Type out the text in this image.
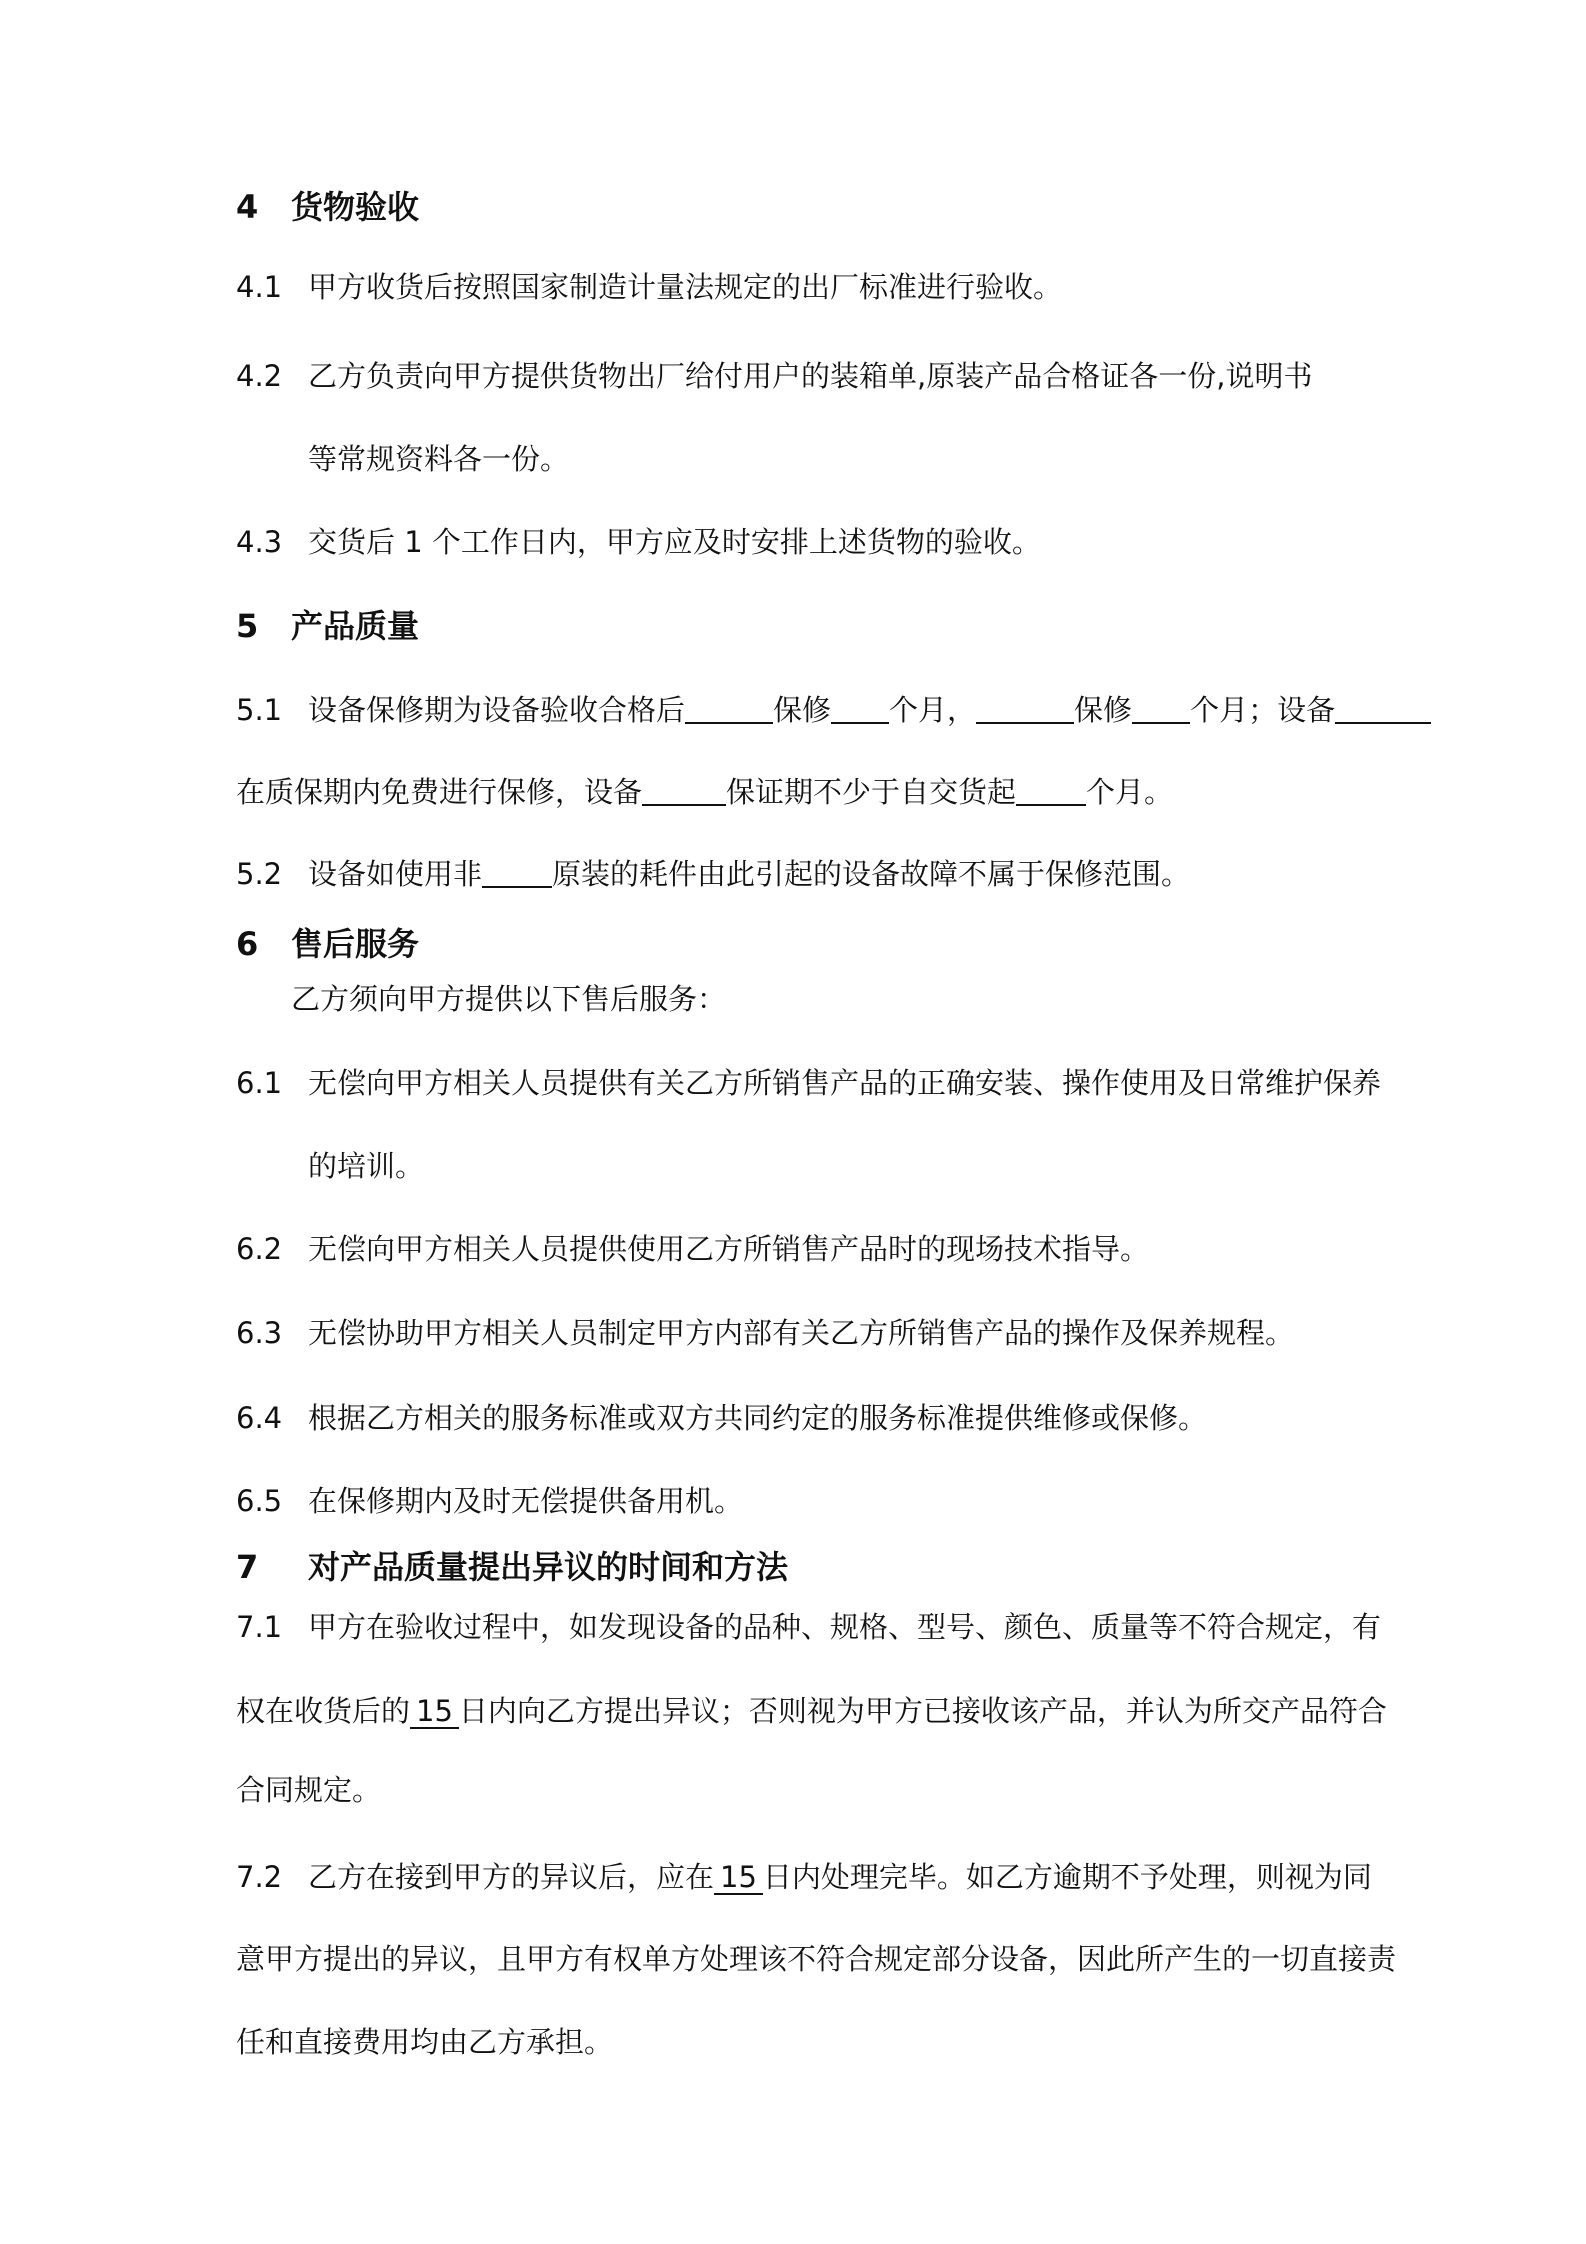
4 货物验收
4.1 甲方收货后按照国家制造计量法规定的出厂标准进行验收。
4.2 乙方负责向甲方提供货物出厂给付用户的装箱单,原装产品合格证各一份,说明书
等常规资料各一份。
4.3 交货后 1 个工作日内，甲方应及时安排上述货物的验收。
5 产品质量
5.1 设备保修期为设备验收合格后	保修 个月，	保修 个月；设备
在质保期内免费进行保修，设备	保证期不少于自交货起 个月。
5.2 设备如使用非 原装的耗件由此引起的设备故障不属于保修范围。
6 售后服务
乙方须向甲方提供以下售后服务：
6.1 无偿向甲方相关人员提供有关乙方所销售产品的正确安装、操作使用及日常维护保养
的培训。
6.2 无偿向甲方相关人员提供使用乙方所销售产品时的现场技术指导。
6.3 无偿协助甲方相关人员制定甲方内部有关乙方所销售产品的操作及保养规程。
6.4 根据乙方相关的服务标准或双方共同约定的服务标准提供维修或保修。
6.5 在保修期内及时无偿提供备用机。
7 对产品质量提出异议的时间和方法
7.1 甲方在验收过程中，如发现设备的品种、规格、型号、颜色、质量等不符合规定，有
权在收货后的 15 日内向乙方提出异议；否则视为甲方已接收该产品，并认为所交产品符合
合同规定。
7.2 乙方在接到甲方的异议后，应在 15 日内处理完毕。如乙方逾期不予处理，则视为同
意甲方提出的异议，且甲方有权单方处理该不符合规定部分设备，因此所产生的一切直接责
任和直接费用均由乙方承担。
